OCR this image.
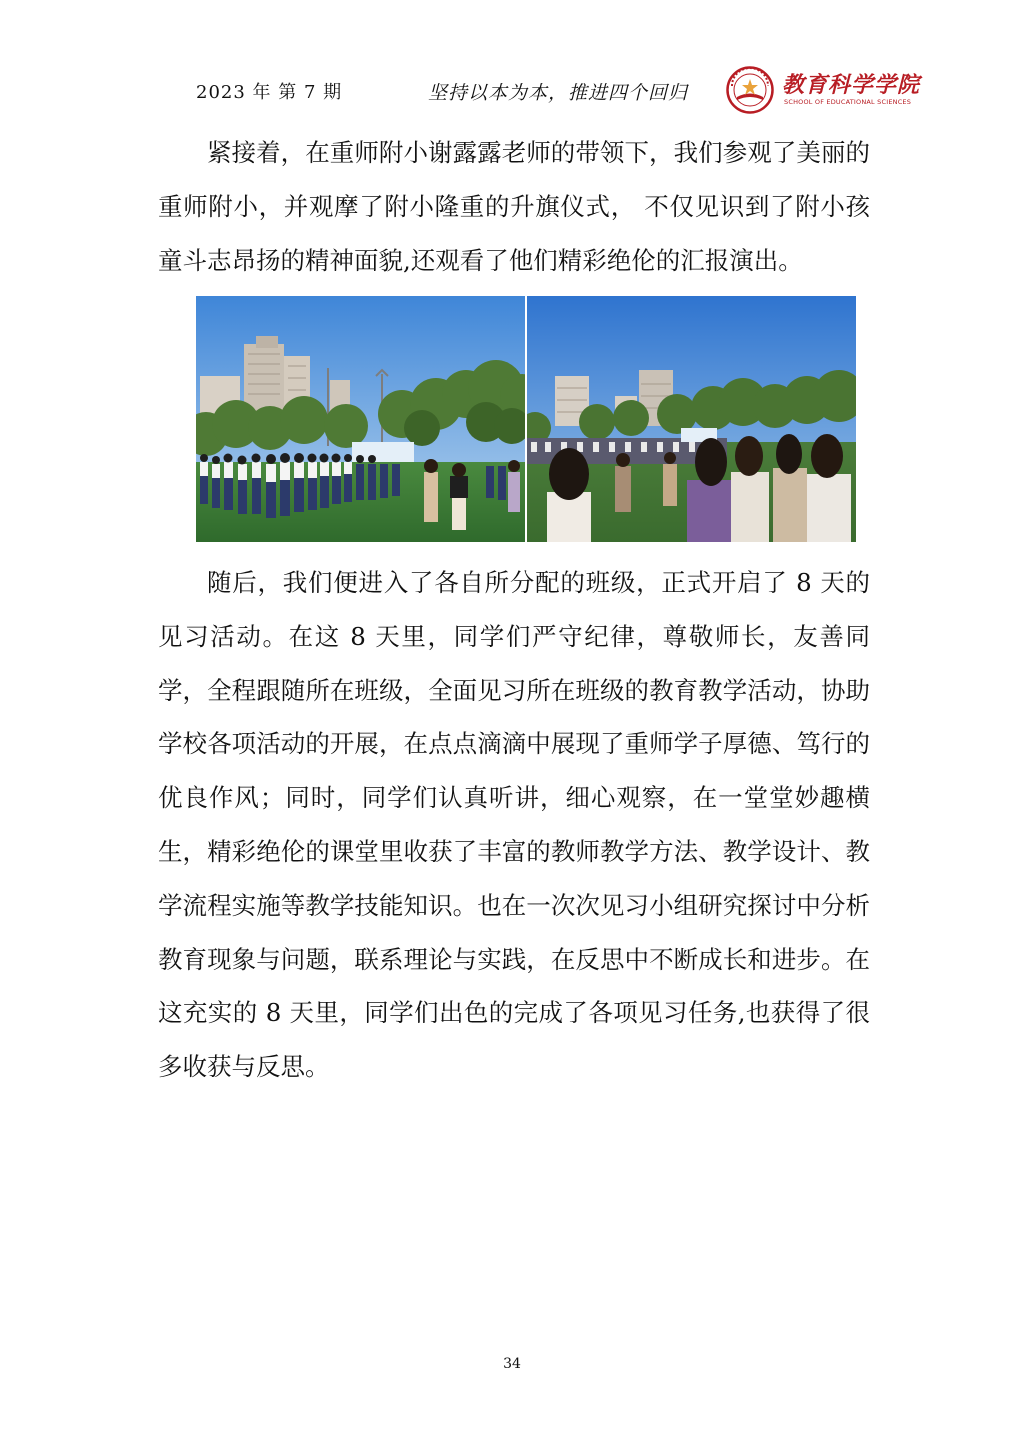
2023 年 第 7 期	坚持以本为本，推进四个回归	教育科学学院
SCHOOL OF EDUCATIONAL SCIENCES

紧接着，在重师附小谢露露老师的带领下，我们参观了美丽的重师附小，并观摩了附小隆重的升旗仪式， 不仅见识到了附小孩童斗志昂扬的精神面貌,还观看了他们精彩绝伦的汇报演出。

随后，我们便进入了各自所分配的班级，正式开启了 8 天的见习活动。在这 8 天里，同学们严守纪律，尊敬师长，友善同学，全程跟随所在班级，全面见习所在班级的教育教学活动，协助学校各项活动的开展，在点点滴滴中展现了重师学子厚德、笃行的优良作风；同时，同学们认真听讲，细心观察，在一堂堂妙趣横生，精彩绝伦的课堂里收获了丰富的教师教学方法、教学设计、教学流程实施等教学技能知识。也在一次次见习小组研究探讨中分析教育现象与问题，联系理论与实践，在反思中不断成长和进步。在这充实的 8 天里，同学们出色的完成了各项见习任务,也获得了很多收获与反思。

34
